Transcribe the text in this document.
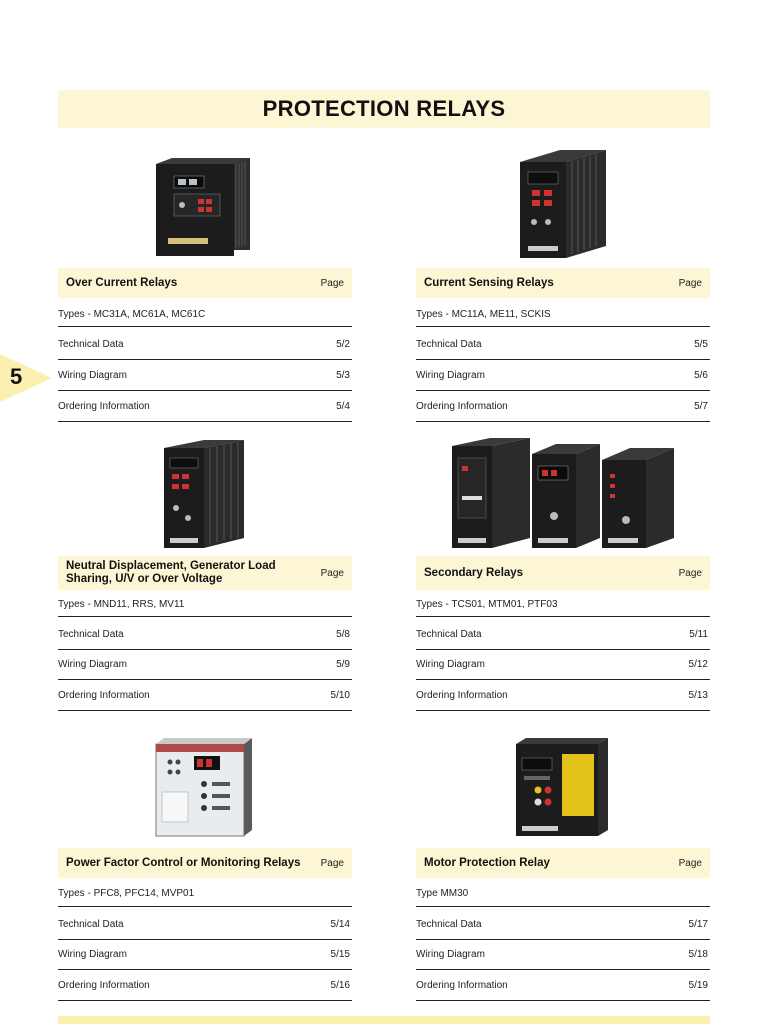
PROTECTION RELAYS
5
Over Current Relays	Page
Types - MC31A, MC61A, MC61C
Technical Data	5/2
Wiring Diagram	5/3
Ordering Information	5/4
Current Sensing Relays	Page
Types - MC11A, ME11, SCKIS
Technical Data	5/5
Wiring Diagram	5/6
Ordering Information	5/7
Neutral Displacement, Generator Load Sharing, U/V or Over Voltage	Page
Types - MND11, RRS, MV11
Technical Data	5/8
Wiring Diagram	5/9
Ordering Information	5/10
Secondary Relays	Page
Types - TCS01, MTM01, PTF03
Technical Data	5/11
Wiring Diagram	5/12
Ordering Information	5/13
Power Factor Control or Monitoring Relays Page
Types - PFC8, PFC14, MVP01
Technical Data	5/14
Wiring Diagram	5/15
Ordering Information	5/16
Motor Protection Relay	Page
Type MM30
Technical Data	5/17
Wiring Diagram	5/18
Ordering Information	5/19
